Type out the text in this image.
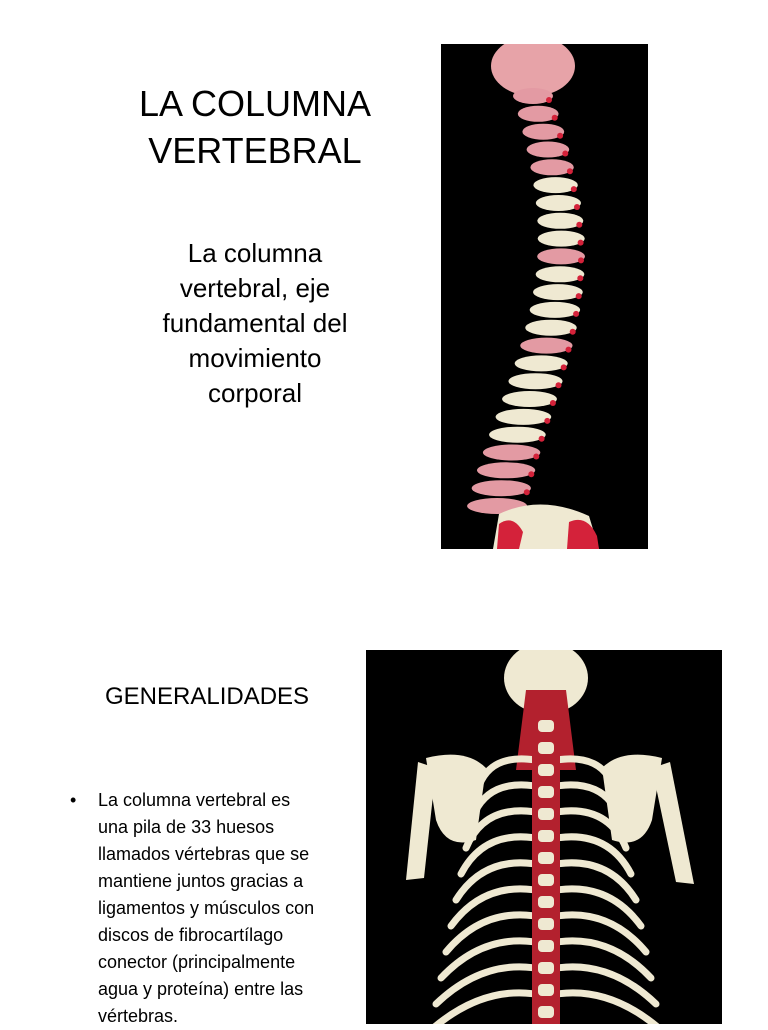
LA COLUMNA
VERTEBRAL
La columna
vertebral, eje
fundamental del
movimiento
corporal
GENERALIDADES
• La columna vertebral es
una pila de 33 huesos
llamados vértebras que se
mantiene juntos gracias a
ligamentos y músculos con
discos de fibrocartílago
conector (principalmente
agua y proteína) entre las
vértebras.
